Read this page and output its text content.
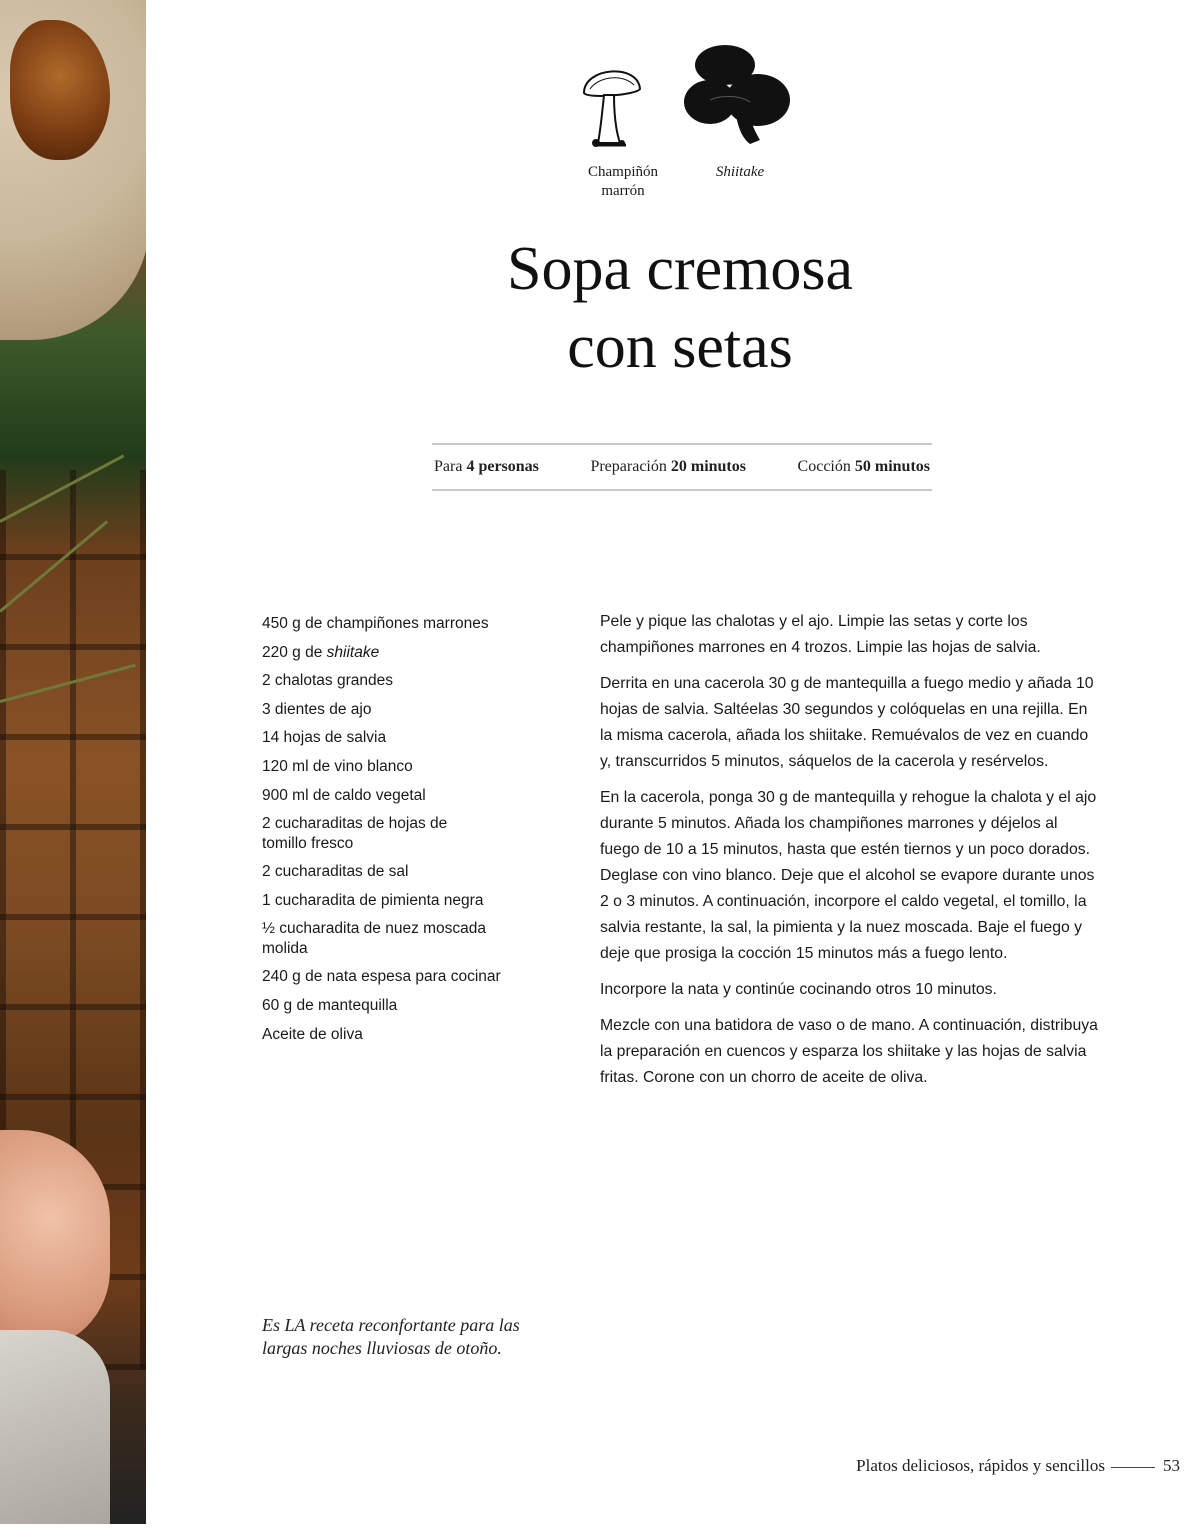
Champiñón
marrón
Shiitake
Sopa cremosa
con setas
Para 4 personas	Preparación 20 minutos	Cocción 50 minutos
450 g de champiñones marrones
220 g de shiitake
2 chalotas grandes
3 dientes de ajo
14 hojas de salvia
120 ml de vino blanco
900 ml de caldo vegetal
2 cucharaditas de hojas de tomillo fresco
2 cucharaditas de sal
1 cucharadita de pimienta negra
½ cucharadita de nuez moscada molida
240 g de nata espesa para cocinar
60 g de mantequilla
Aceite de oliva

Pele y pique las chalotas y el ajo. Limpie las setas y corte los champiñones marrones en 4 trozos. Limpie las hojas de salvia.

Derrita en una cacerola 30 g de mantequilla a fuego medio y añada 10 hojas de salvia. Saltéelas 30 segundos y colóquelas en una rejilla. En la misma cacerola, añada los shiitake. Remuévalos de vez en cuando y, transcurridos 5 minutos, sáquelos de la cacerola y resérvelos.

En la cacerola, ponga 30 g de mantequilla y rehogue la chalota y el ajo durante 5 minutos. Añada los champiñones marrones y déjelos al fuego de 10 a 15 minutos, hasta que estén tiernos y un poco dorados. Deglase con vino blanco. Deje que el alcohol se evapore durante unos 2 o 3 minutos. A continuación, incorpore el caldo vegetal, el tomillo, la salvia restante, la sal, la pimienta y la nuez moscada. Baje el fuego y deje que prosiga la cocción 15 minutos más a fuego lento.

Incorpore la nata y continúe cocinando otros 10 minutos.

Mezcle con una batidora de vaso o de mano. A continuación, distribuya la preparación en cuencos y esparza los shiitake y las hojas de salvia fritas. Corone con un chorro de aceite de oliva.

Es LA receta reconfortante para las
largas noches lluviosas de otoño.
Platos deliciosos, rápidos y sencillos	53
